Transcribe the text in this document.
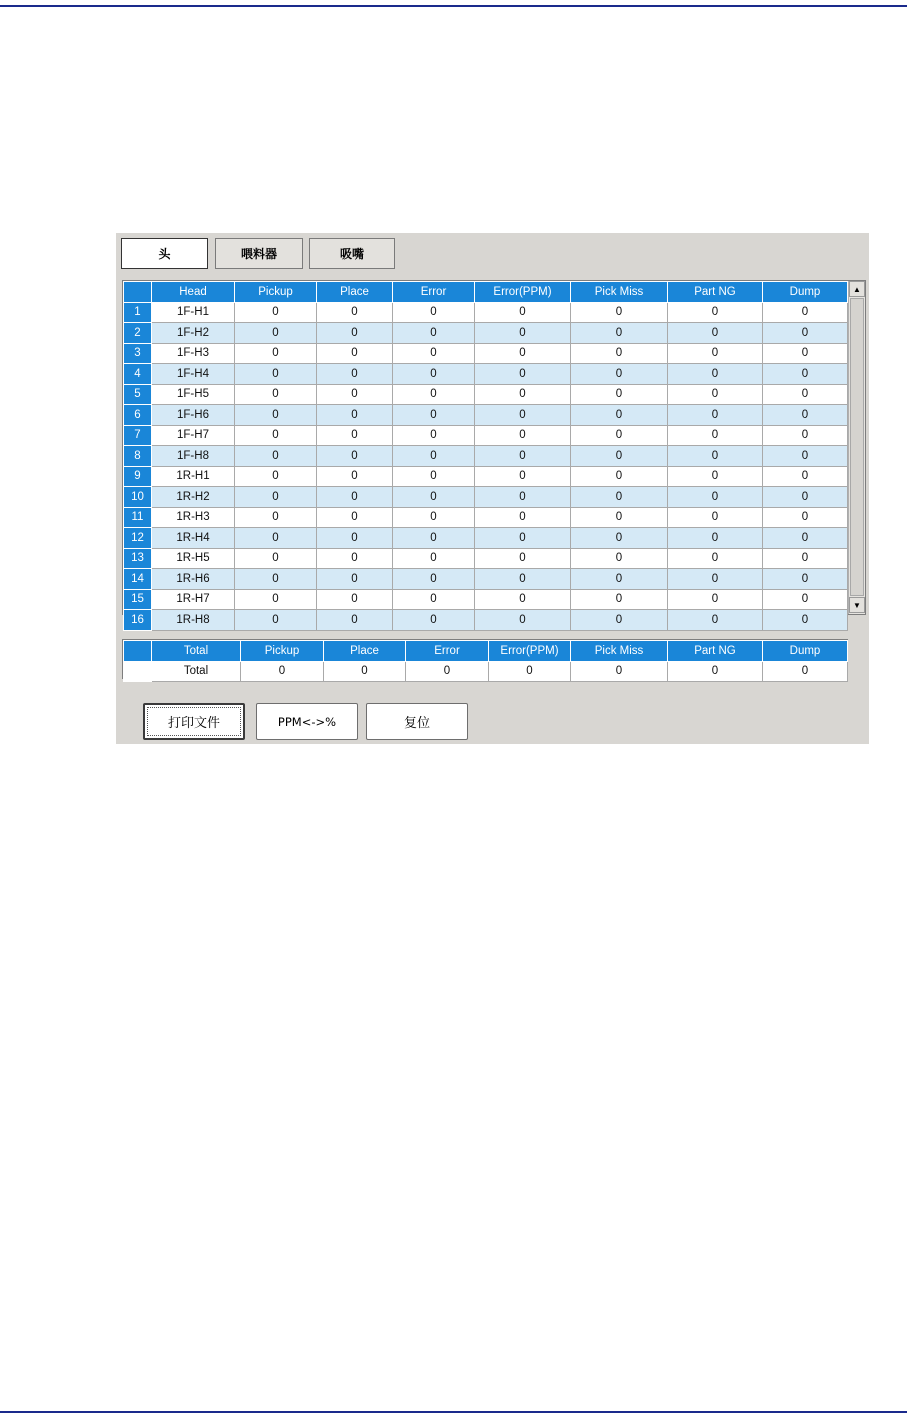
头	喂料器	吸嘴
	Head	Pickup	Place	Error	Error(PPM)	Pick Miss	Part NG	Dump
1	1F-H1	0	0	0	0	0	0	0
2	1F-H2	0	0	0	0	0	0	0
3	1F-H3	0	0	0	0	0	0	0
4	1F-H4	0	0	0	0	0	0	0
5	1F-H5	0	0	0	0	0	0	0
6	1F-H6	0	0	0	0	0	0	0
7	1F-H7	0	0	0	0	0	0	0
8	1F-H8	0	0	0	0	0	0	0
9	1R-H1	0	0	0	0	0	0	0
10	1R-H2	0	0	0	0	0	0	0
11	1R-H3	0	0	0	0	0	0	0
12	1R-H4	0	0	0	0	0	0	0
13	1R-H5	0	0	0	0	0	0	0
14	1R-H6	0	0	0	0	0	0	0
15	1R-H7	0	0	0	0	0	0	0
16	1R-H8	0	0	0	0	0	0	0
▲
▼
	Total	Pickup	Place	Error	Error(PPM)	Pick Miss	Part NG	Dump
	Total	0	0	0	0	0	0	0
打印文件	PPM<->%	复位
